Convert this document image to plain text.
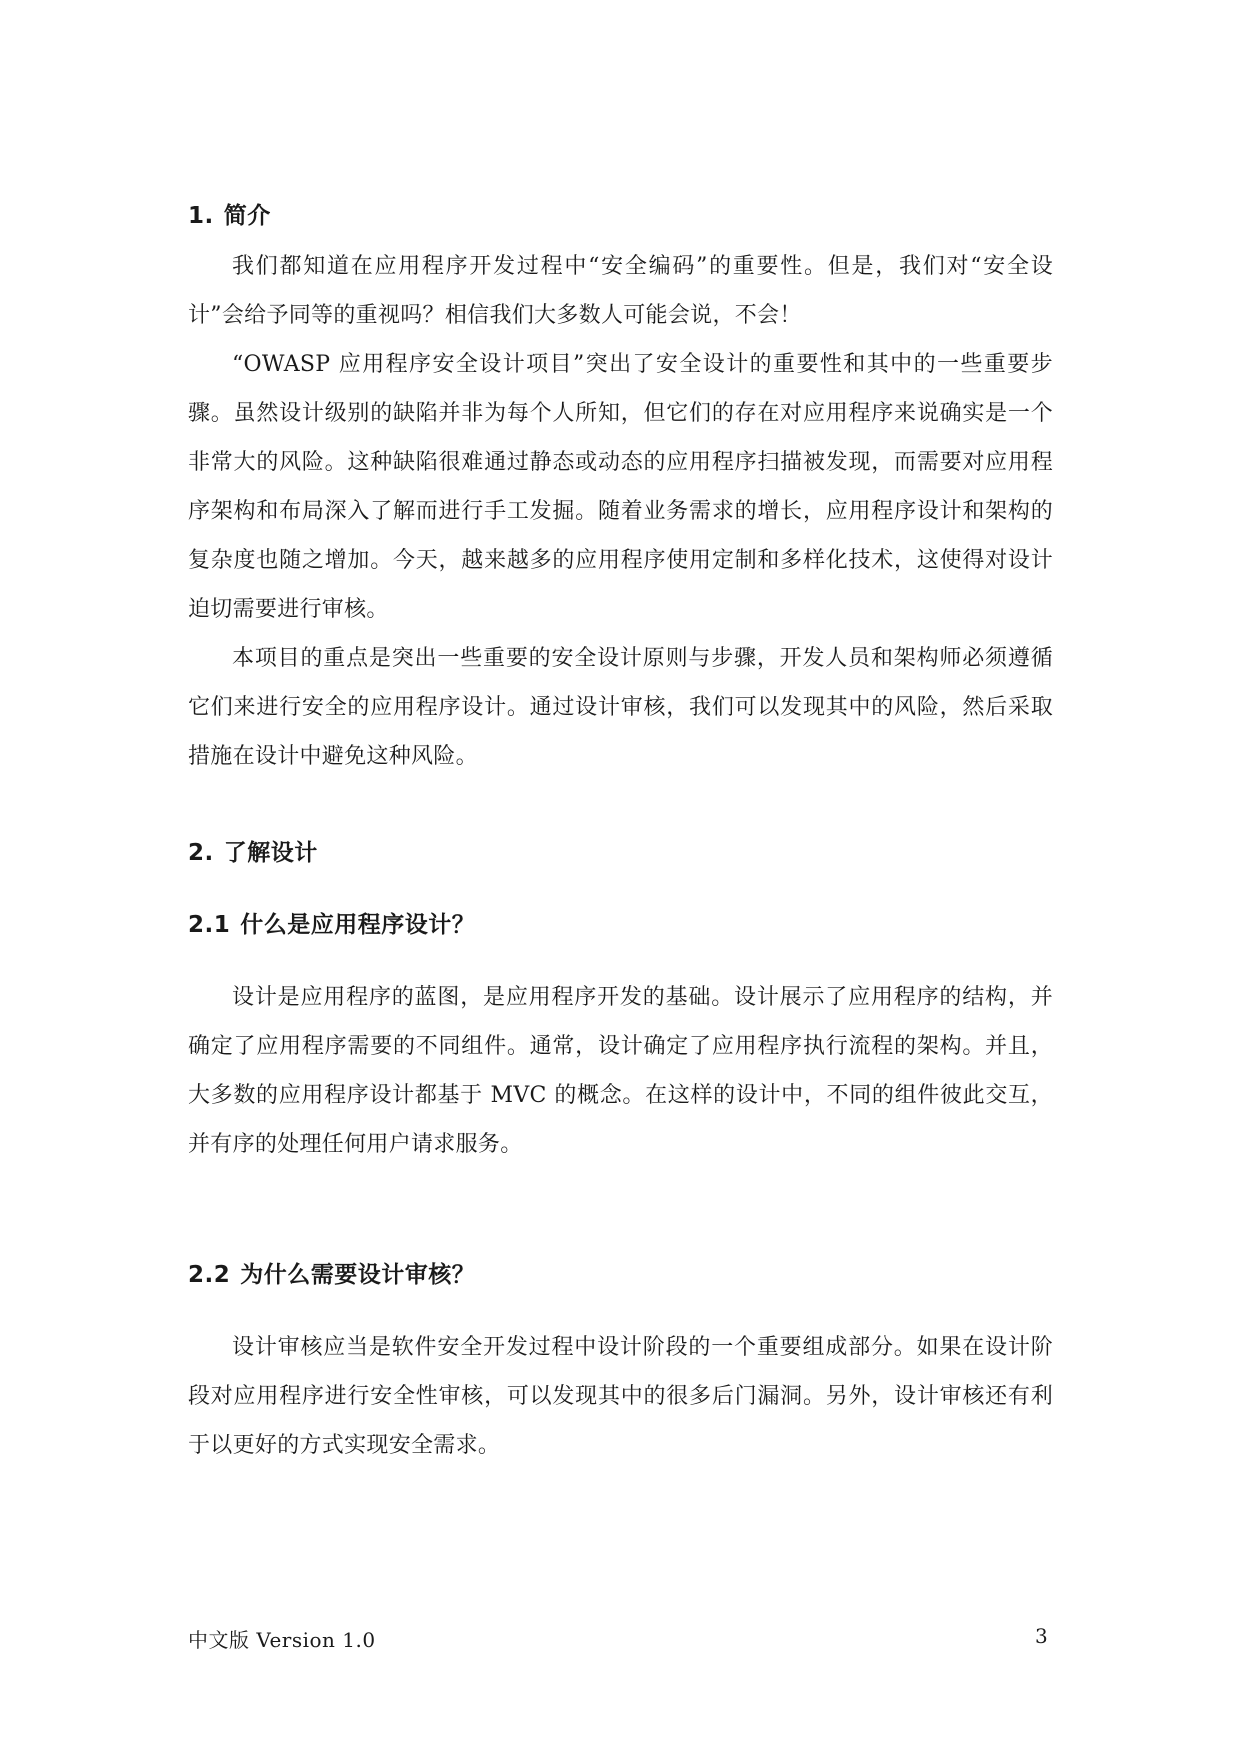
1. 简介

我们都知道在应用程序开发过程中“安全编码”的重要性。但是，我们对“安全设计”会给予同等的重视吗？相信我们大多数人可能会说，不会！

“OWASP 应用程序安全设计项目”突出了安全设计的重要性和其中的一些重要步骤。虽然设计级别的缺陷并非为每个人所知，但它们的存在对应用程序来说确实是一个非常大的风险。这种缺陷很难通过静态或动态的应用程序扫描被发现，而需要对应用程序架构和布局深入了解而进行手工发掘。随着业务需求的增长，应用程序设计和架构的复杂度也随之增加。今天，越来越多的应用程序使用定制和多样化技术，这使得对设计迫切需要进行审核。

本项目的重点是突出一些重要的安全设计原则与步骤，开发人员和架构师必须遵循它们来进行安全的应用程序设计。通过设计审核，我们可以发现其中的风险，然后采取措施在设计中避免这种风险。

2. 了解设计
2.1 什么是应用程序设计？

设计是应用程序的蓝图，是应用程序开发的基础。设计展示了应用程序的结构，并确定了应用程序需要的不同组件。通常，设计确定了应用程序执行流程的架构。并且，大多数的应用程序设计都基于 MVC 的概念。在这样的设计中，不同的组件彼此交互，并有序的处理任何用户请求服务。

2.2 为什么需要设计审核？

设计审核应当是软件安全开发过程中设计阶段的一个重要组成部分。如果在设计阶段对应用程序进行安全性审核，可以发现其中的很多后门漏洞。另外，设计审核还有利于以更好的方式实现安全需求。

中文版 Version 1.0	3
